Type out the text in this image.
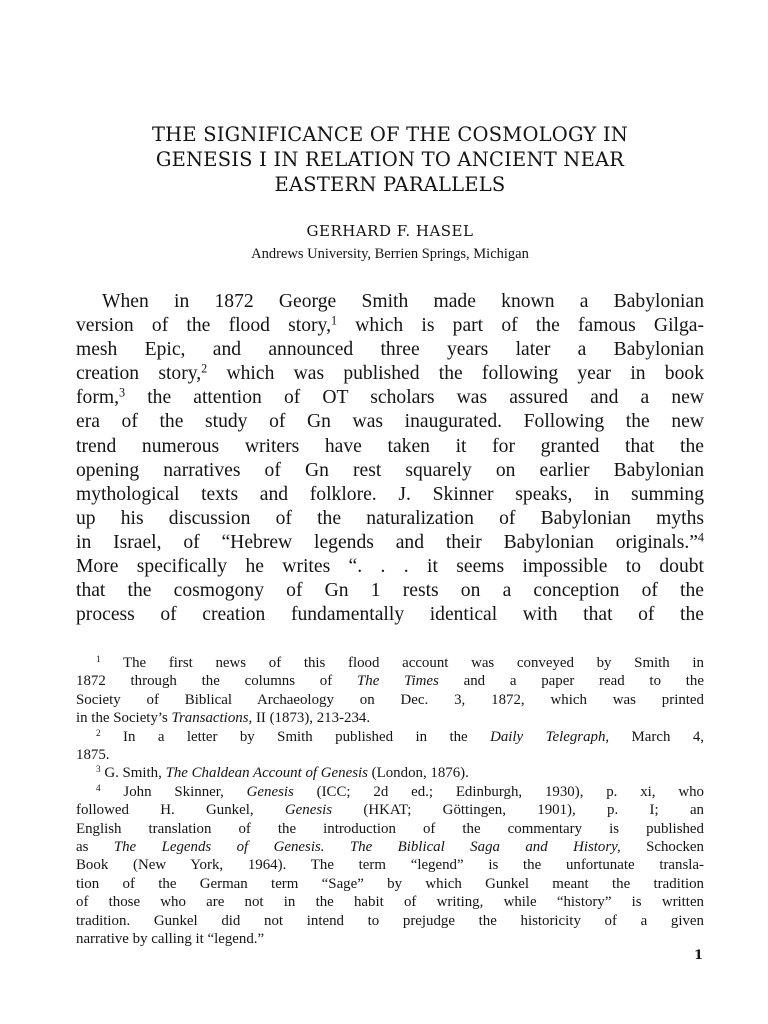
THE SIGNIFICANCE OF THE COSMOLOGY IN
GENESIS I IN RELATION TO ANCIENT NEAR
EASTERN PARALLELS
GERHARD F. HASEL
Andrews University, Berrien Springs, Michigan
When in 1872 George Smith made known a Babylonian
version of the flood story,$^1$ which is part of the famous Gilga-
mesh Epic, and announced three years later a Babylonian
creation story,$^2$ which was published the following year in book
form,$^3$ the attention of OT scholars was assured and a new
era of the study of Gn was inaugurated. Following the new
trend numerous writers have taken it for granted that the
opening narratives of Gn rest squarely on earlier Babylonian
mythological texts and folklore. J. Skinner speaks, in summing
up his discussion of the naturalization of Babylonian myths
in Israel, of “Hebrew legends and their Babylonian originals.”$^4$
More specifically he writes “. . . it seems impossible to doubt
that the cosmogony of Gn 1 rests on a conception of the
process of creation fundamentally identical with that of the
$^1$ The first news of this flood account was conveyed by Smith in
1872 through the columns of The Times and a paper read to the
Society of Biblical Archaeology on Dec. 3, 1872, which was printed
in the Society’s Transactions, II (1873), 213-234.
$^2$ In a letter by Smith published in the Daily Telegraph, March 4,
1875.
$^3$ G. Smith, The Chaldean Account of Genesis (London, 1876).
$^4$ John Skinner, Genesis (ICC; 2d ed.; Edinburgh, 1930), p. xi, who
followed H. Gunkel, Genesis (HKAT; Göttingen, 1901), p. I; an
English translation of the introduction of the commentary is published
as The Legends of Genesis. The Biblical Saga and History, Schocken
Book (New York, 1964). The term “legend” is the unfortunate transla-
tion of the German term “Sage” by which Gunkel meant the tradition
of those who are not in the habit of writing, while “history” is written
tradition. Gunkel did not intend to prejudge the historicity of a given
narrative by calling it “legend.”
1
